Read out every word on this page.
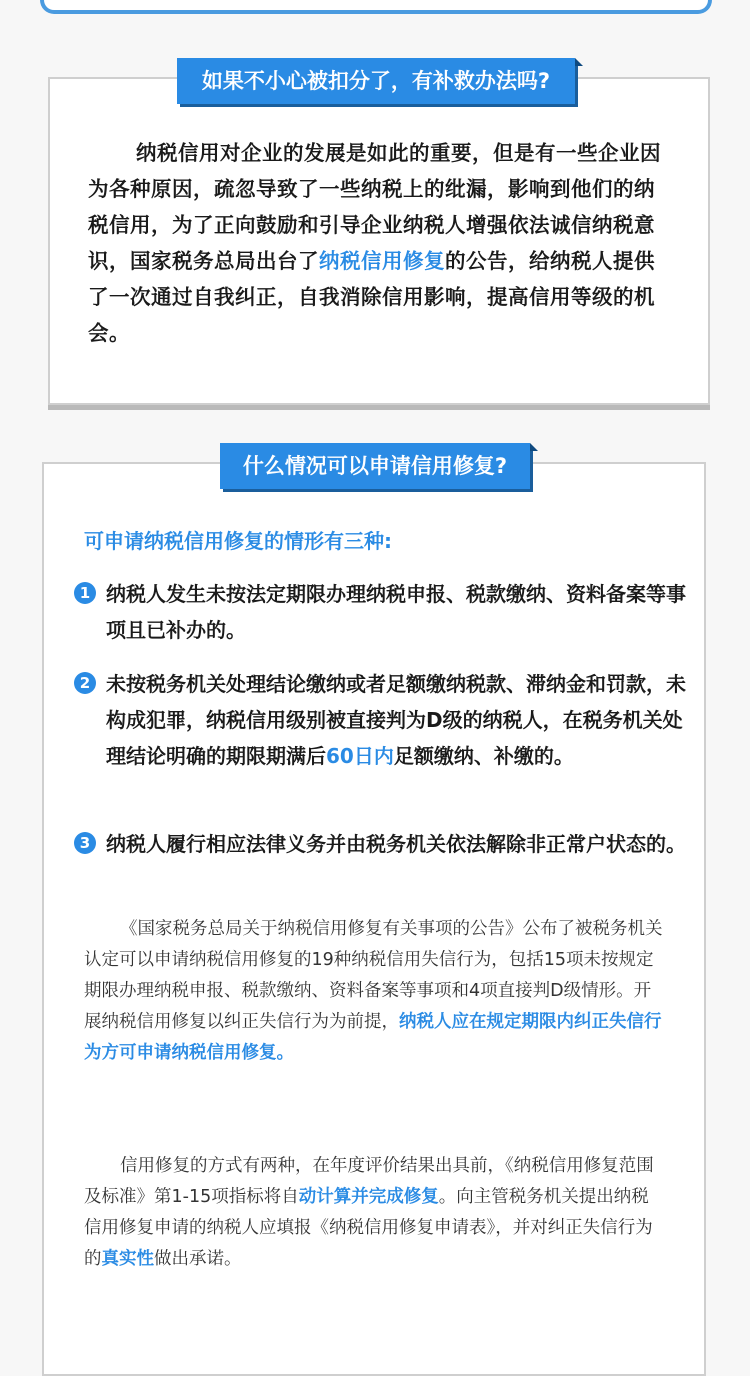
如果不小心被扣分了，有补救办法吗?

纳税信用对企业的发展是如此的重要，但是有一些企业因为各种原因，疏忽导致了一些纳税上的纰漏，影响到他们的纳税信用，为了正向鼓励和引导企业纳税人增强依法诚信纳税意识，国家税务总局出台了纳税信用修复的公告，给纳税人提供了一次通过自我纠正，自我消除信用影响，提高信用等级的机会。

什么情况可以申请信用修复?

可申请纳税信用修复的情形有三种:

1 纳税人发生未按法定期限办理纳税申报、税款缴纳、资料备案等事项且已补办的。

2 未按税务机关处理结论缴纳或者足额缴纳税款、滞纳金和罚款，未构成犯罪，纳税信用级别被直接判为D级的纳税人，在税务机关处理结论明确的期限期满后60日内足额缴纳、补缴的。

3 纳税人履行相应法律义务并由税务机关依法解除非正常户状态的。

《国家税务总局关于纳税信用修复有关事项的公告》公布了被税务机关认定可以申请纳税信用修复的19种纳税信用失信行为，包括15项未按规定期限办理纳税申报、税款缴纳、资料备案等事项和4项直接判D级情形。开展纳税信用修复以纠正失信行为为前提，纳税人应在规定期限内纠正失信行为方可申请纳税信用修复。

信用修复的方式有两种，在年度评价结果出具前，《纳税信用修复范围及标准》第1-15项指标将自动计算并完成修复。向主管税务机关提出纳税信用修复申请的纳税人应填报《纳税信用修复申请表》，并对纠正失信行为的真实性做出承诺。
